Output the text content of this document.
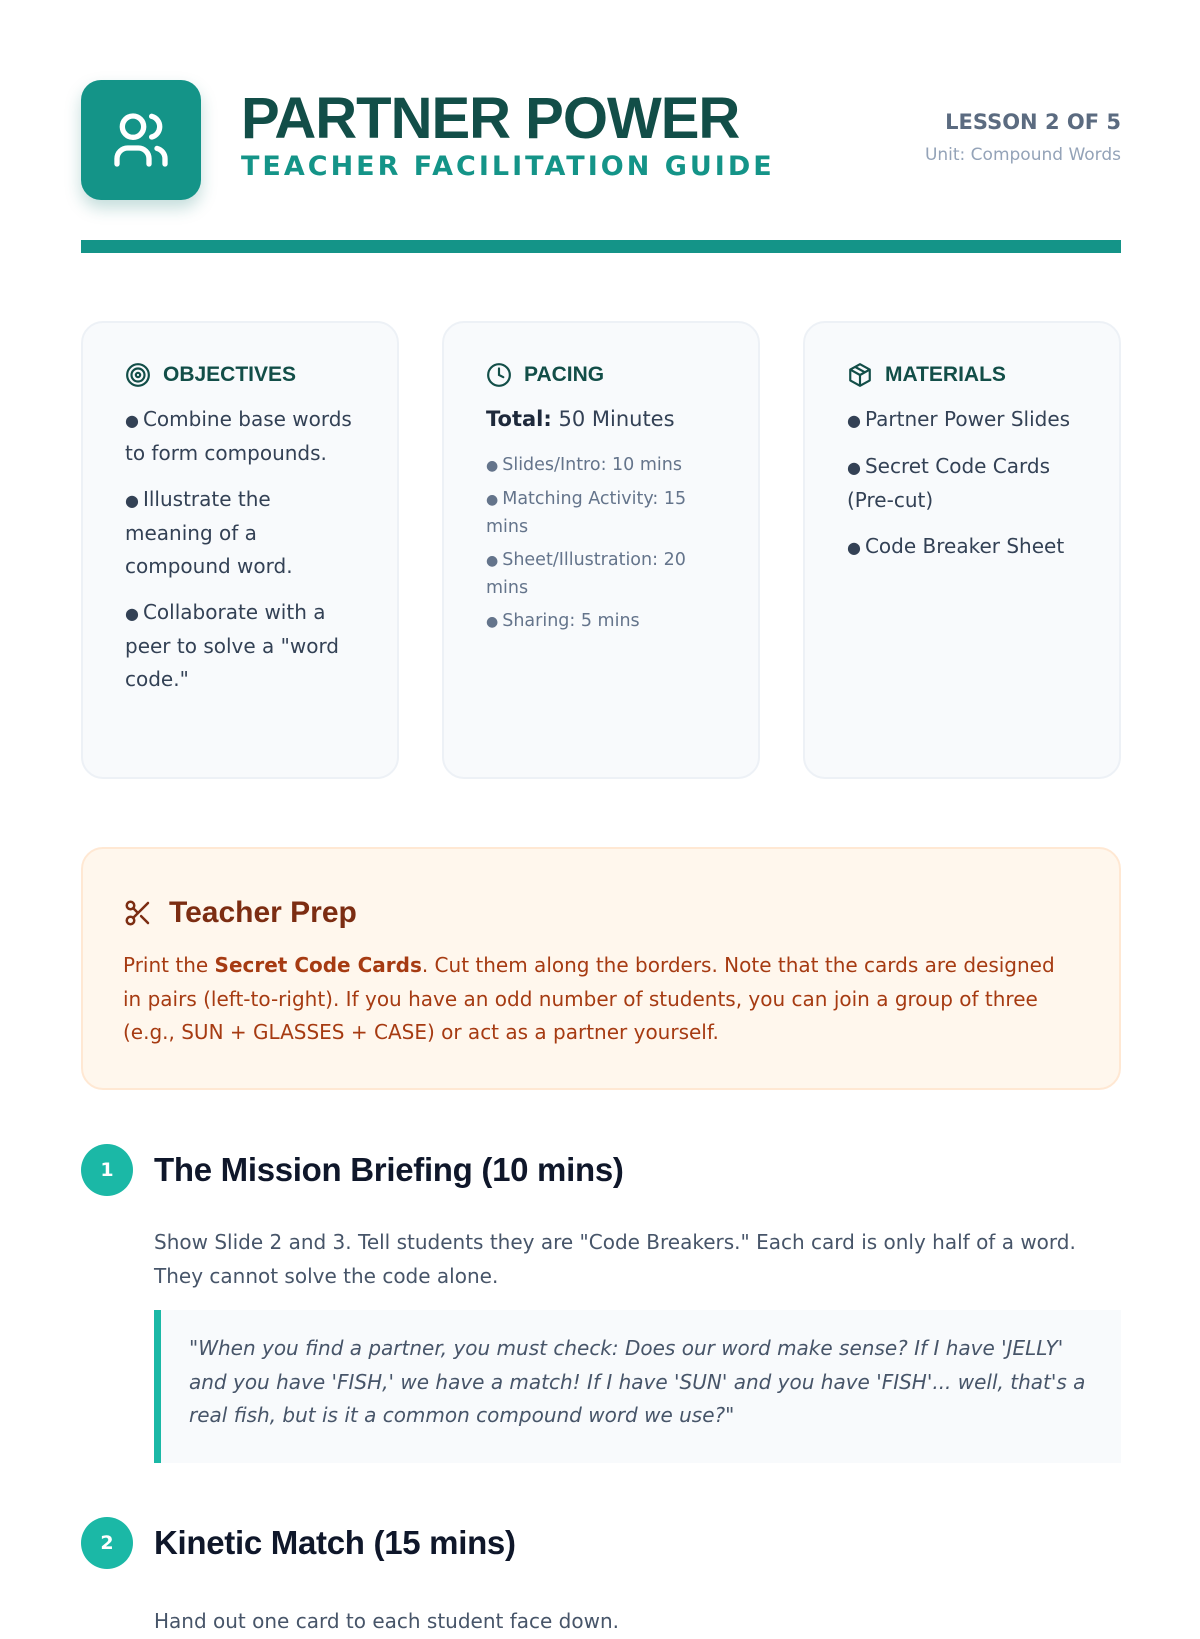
PARTNER POWER
TEACHER FACILITATION GUIDE
LESSON 2 OF 5
Unit: Compound Words
OBJECTIVES
● Combine base words to form compounds.
● Illustrate the meaning of a compound word.
● Collaborate with a peer to solve a "word code."
PACING
Total: 50 Minutes
● Slides/Intro: 10 mins
● Matching Activity: 15 mins
● Sheet/Illustration: 20 mins
● Sharing: 5 mins
MATERIALS
● Partner Power Slides
● Secret Code Cards (Pre-cut)
● Code Breaker Sheet
Teacher Prep
Print the Secret Code Cards. Cut them along the borders. Note that the cards are designed in pairs (left-to-right). If you have an odd number of students, you can join a group of three (e.g., SUN + GLASSES + CASE) or act as a partner yourself.
1	The Mission Briefing (10 mins)
Show Slide 2 and 3. Tell students they are "Code Breakers." Each card is only half of a word. They cannot solve the code alone.
"When you find a partner, you must check: Does our word make sense? If I have 'JELLY' and you have 'FISH,' we have a match! If I have 'SUN' and you have 'FISH'... well, that's a real fish, but is it a common compound word we use?"
2	Kinetic Match (15 mins)
Hand out one card to each student face down.
